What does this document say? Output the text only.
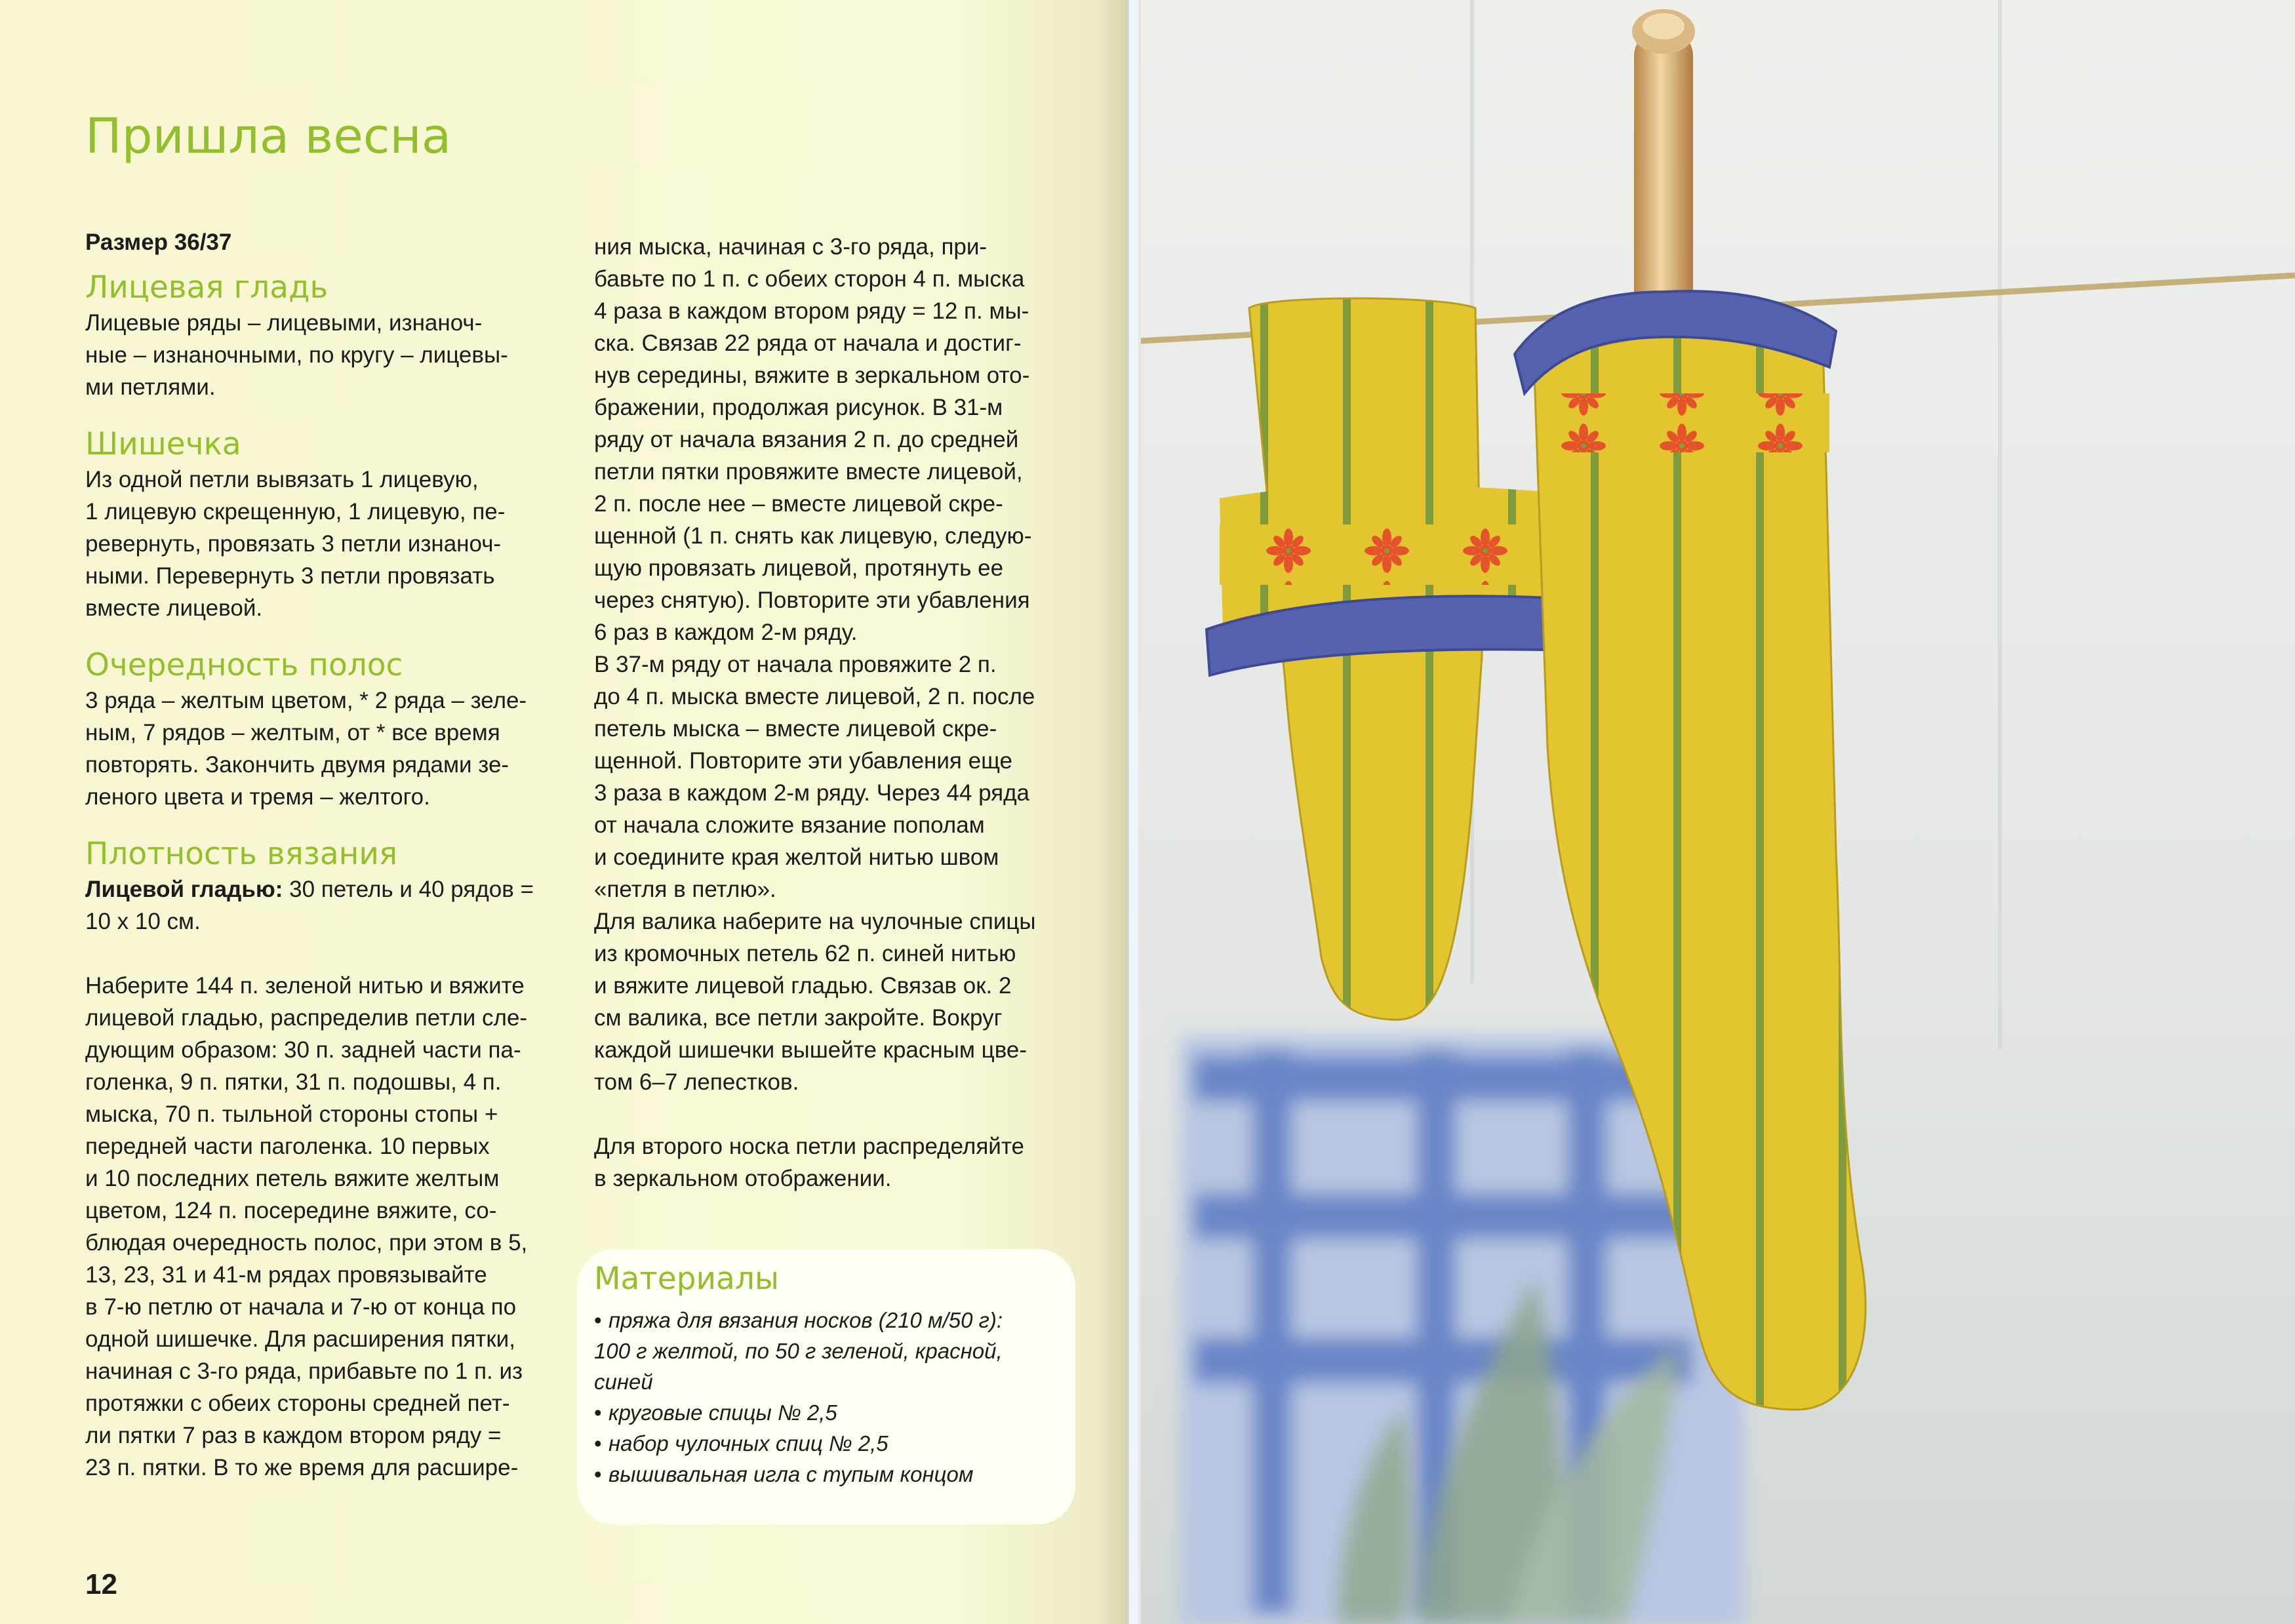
Пришла весна

Размер 36/37

Лицевая гладь

Лицевые ряды – лицевыми, изнаноч-
ные – изнаночными, по кругу – лицевы-
ми петлями.

Шишечка

Из одной петли вывязать 1 лицевую,
1 лицевую скрещенную, 1 лицевую, пе-
ревернуть, провязать 3 петли изнаноч-
ными. Перевернуть 3 петли провязать
вместе лицевой.

Очередность полос

3 ряда – желтым цветом, * 2 ряда – зеле-
ным, 7 рядов – желтым, от * все время
повторять. Закончить двумя рядами зе-
леного цвета и тремя – желтого.

Плотность вязания

Лицевой гладью: 30 петель и 40 рядов =
10 х 10 см.

Наберите 144 п. зеленой нитью и вяжите
лицевой гладью, распределив петли сле-
дующим образом: 30 п. задней части па-
голенка, 9 п. пятки, 31 п. подошвы, 4 п.
мыска, 70 п. тыльной стороны стопы +
передней части паголенка. 10 первых
и 10 последних петель вяжите желтым
цветом, 124 п. посередине вяжите, со-
блюдая очередность полос, при этом в 5,
13, 23, 31 и 41-м рядах провязывайте
в 7-ю петлю от начала и 7-ю от конца по
одной шишечке. Для расширения пятки,
начиная с 3-го ряда, прибавьте по 1 п. из
протяжки с обеих стороны средней пет-
ли пятки 7 раз в каждом втором ряду =
23 п. пятки. В то же время для расшире-

ния мыска, начиная с 3-го ряда, при-
бавьте по 1 п. с обеих сторон 4 п. мыска
4 раза в каждом втором ряду = 12 п. мы-
ска. Связав 22 ряда от начала и достиг-
нув середины, вяжите в зеркальном ото-
бражении, продолжая рисунок. В 31-м
ряду от начала вязания 2 п. до средней
петли пятки провяжите вместе лицевой,
2 п. после нее – вместе лицевой скре-
щенной (1 п. снять как лицевую, следую-
щую провязать лицевой, протянуть ее
через снятую). Повторите эти убавления
6 раз в каждом 2-м ряду.
В 37-м ряду от начала провяжите 2 п.
до 4 п. мыска вместе лицевой, 2 п. после
петель мыска – вместе лицевой скре-
щенной. Повторите эти убавления еще
3 раза в каждом 2-м ряду. Через 44 ряда
от начала сложите вязание пополам
и соедините края желтой нитью швом
«петля в петлю».
Для валика наберите на чулочные спицы
из кромочных петель 62 п. синей нитью
и вяжите лицевой гладью. Связав ок. 2
см валика, все петли закройте. Вокруг
каждой шишечки вышейте красным цве-
том 6–7 лепестков.

Для второго носка петли распределяйте
в зеркальном отображении.

Материалы
• пряжа для вязания носков (210 м/50 г):
100 г желтой, по 50 г зеленой, красной,
синей
• круговые спицы № 2,5
• набор чулочных спиц № 2,5
• вышивальная игла с тупым концом
12
